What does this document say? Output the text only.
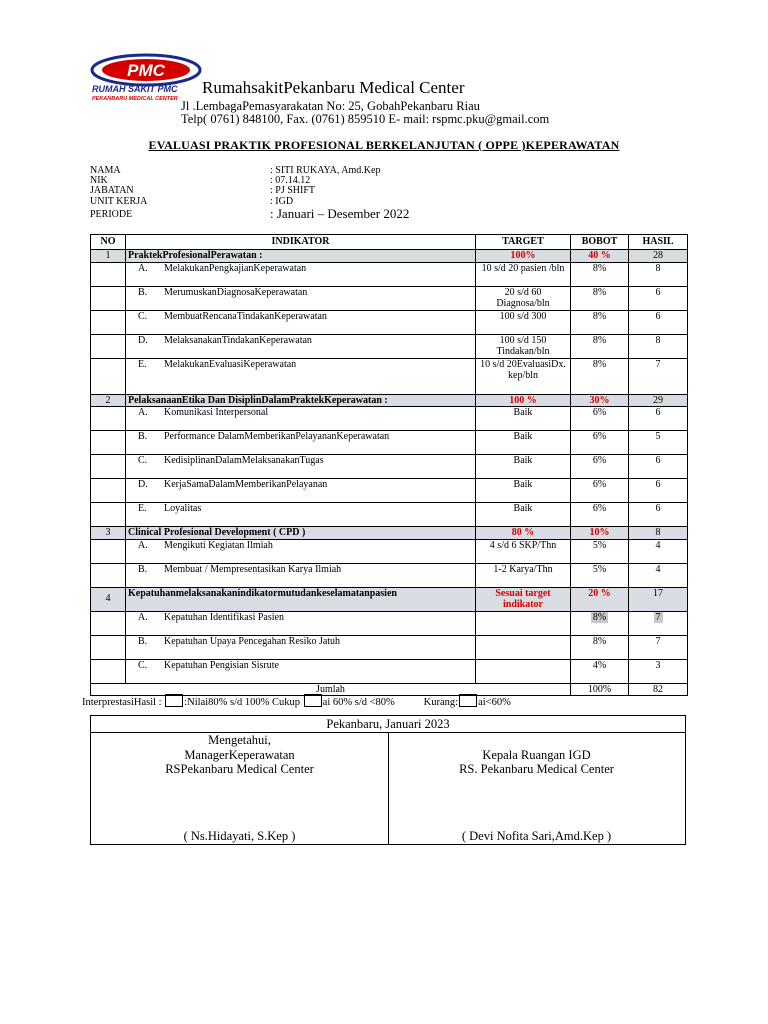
PMC
RUMAH SAKIT PMC
PEKANBARU MEDICAL CENTER
RumahsakitPekanbaru Medical Center
Jl .LembagaPemasyarakatan No: 25, GobahPekanbaru Riau
Telp( 0761) 848100, Fax. (0761) 859510 E- mail: rspmc.pku@gmail.com
EVALUASI PRAKTIK PROFESIONAL BERKELANJUTAN ( OPPE )KEPERAWATAN
NAMA	: SITI RUKAYA, Amd.Kep
NIK	: 07.14.12
JABATAN	: PJ SHIFT
UNIT KERJA	: IGD
PERIODE	: Januari – Desember 2022
NO	INDIKATOR	TARGET	BOBOT	HASIL
1	PraktekProfesionalPerawatan :	100%	40 %	28
	A. MelakukanPengkajianKeperawatan	10 s/d 20 pasien /bln	8%	8
	B. MerumuskanDiagnosaKeperawatan	20 s/d 60 Diagnosa/bln	8%	6
	C. MembuatRencanaTindakanKeperawatan	100 s/d 300	8%	6
	D. MelaksanakanTindakanKeperawatan	100 s/d 150 Tindakan/bln	8%	8
	E. MelakukanEvaluasiKeperawatan	10 s/d 20EvaluasiDx. kep/bln	8%	7
2	PelaksanaanEtika Dan DisiplinDalamPraktekKeperawatan :	100 %	30%	29
	A. Komunikasi Interpersonal	Baik	6%	6
	B. Performance DalamMemberikanPelayananKeperawatan	Baik	6%	5
	C. KedisiplinanDalamMelaksanakanTugas	Baik	6%	6
	D. KerjaSamaDalamMemberikanPelayanan	Baik	6%	6
	E. Loyalitas	Baik	6%	6
3	Clinical Profesional Development ( CPD )	80 %	10%	8
	A. Mengikuti Kegiatan Ilmiah	4 s/d 6 SKP/Thn	5%	4
	B. Membuat / Mempresentasikan Karya Ilmiah	1-2 Karya/Thn	5%	4
4	Kepatuhanmelaksanakanindikatormutudankeselamatanpasien	Sesuai target indikator	20 %	17
	A. Kepatuhan Identifikasi Pasien		8%	7
	B. Kepatuhan Upaya Pencegahan Resiko Jatuh		8%	7
	C. Kepatuhan Pengisian Sisrute		4%	3
Jumlah			100%	82
InterprestasiHasil : :Nilai80% s/d 100% Cukup ai 60% s/d <80%	Kurang: ai<60%
Pekanbaru, Januari 2023
Mengetahui,
ManagerKeperawatan
RSPekanbaru Medical Center
( Ns.Hidayati, S.Kep )
Kepala Ruangan IGD
RS. Pekanbaru Medical Center
( Devi Nofita Sari,Amd.Kep )
